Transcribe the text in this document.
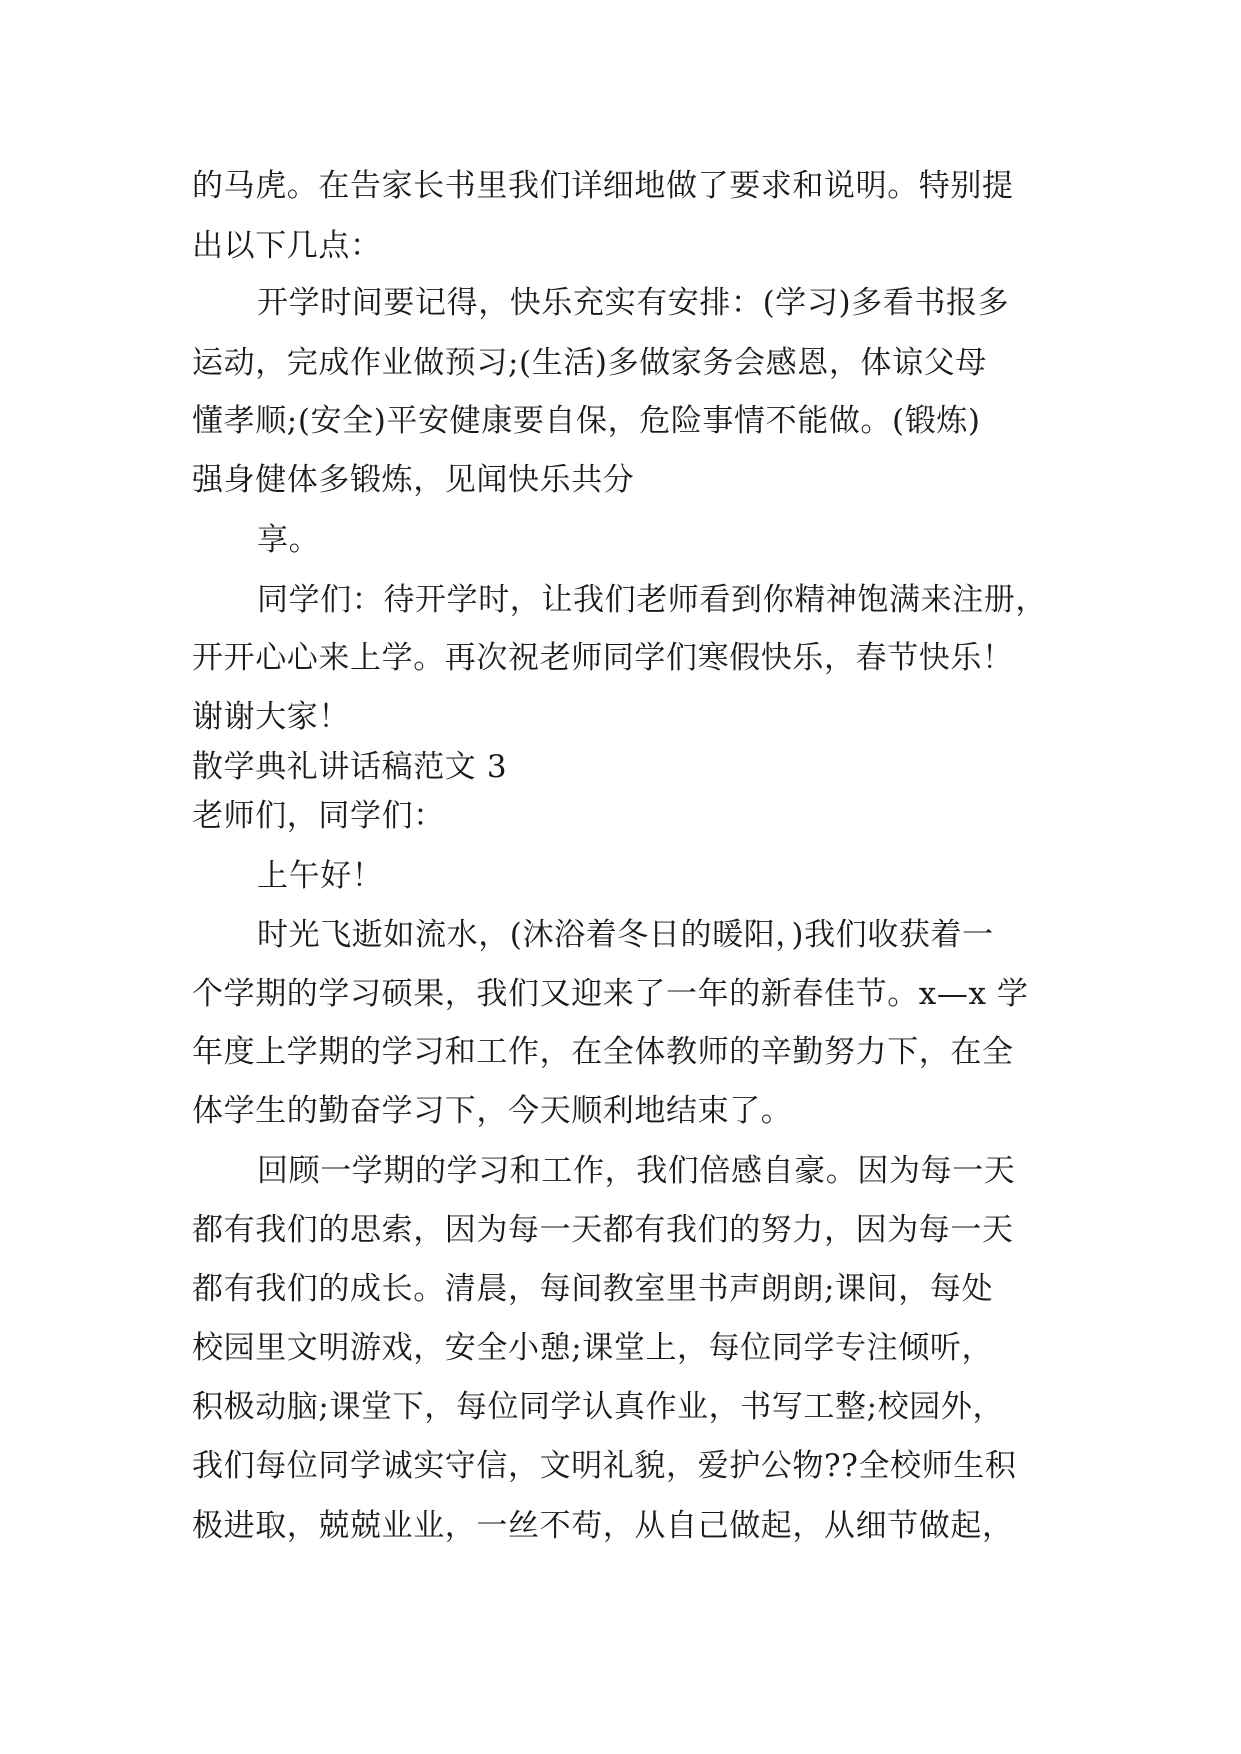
的马虎。在告家长书里我们详细地做了要求和说明。特别提
出以下几点：
开学时间要记得，快乐充实有安排：(学习)多看书报多
运动，完成作业做预习;(生活)多做家务会感恩，体谅父母
懂孝顺;(安全)平安健康要自保，危险事情不能做。(锻炼)
强身健体多锻炼，见闻快乐共分
享。
同学们：待开学时，让我们老师看到你精神饱满来注册，
开开心心来上学。再次祝老师同学们寒假快乐，春节快乐！
谢谢大家！
散学典礼讲话稿范文 3
老师们，同学们：
上午好！
时光飞逝如流水，(沐浴着冬日的暖阳，)我们收获着一
个学期的学习硕果，我们又迎来了一年的新春佳节。x—x 学
年度上学期的学习和工作，在全体教师的辛勤努力下，在全
体学生的勤奋学习下，今天顺利地结束了。
回顾一学期的学习和工作，我们倍感自豪。因为每一天
都有我们的思索，因为每一天都有我们的努力，因为每一天
都有我们的成长。清晨，每间教室里书声朗朗;课间，每处
校园里文明游戏，安全小憩;课堂上，每位同学专注倾听，
积极动脑;课堂下，每位同学认真作业，书写工整;校园外，
我们每位同学诚实守信，文明礼貌，爱护公物??全校师生积
极进取，兢兢业业，一丝不苟，从自己做起，从细节做起，
